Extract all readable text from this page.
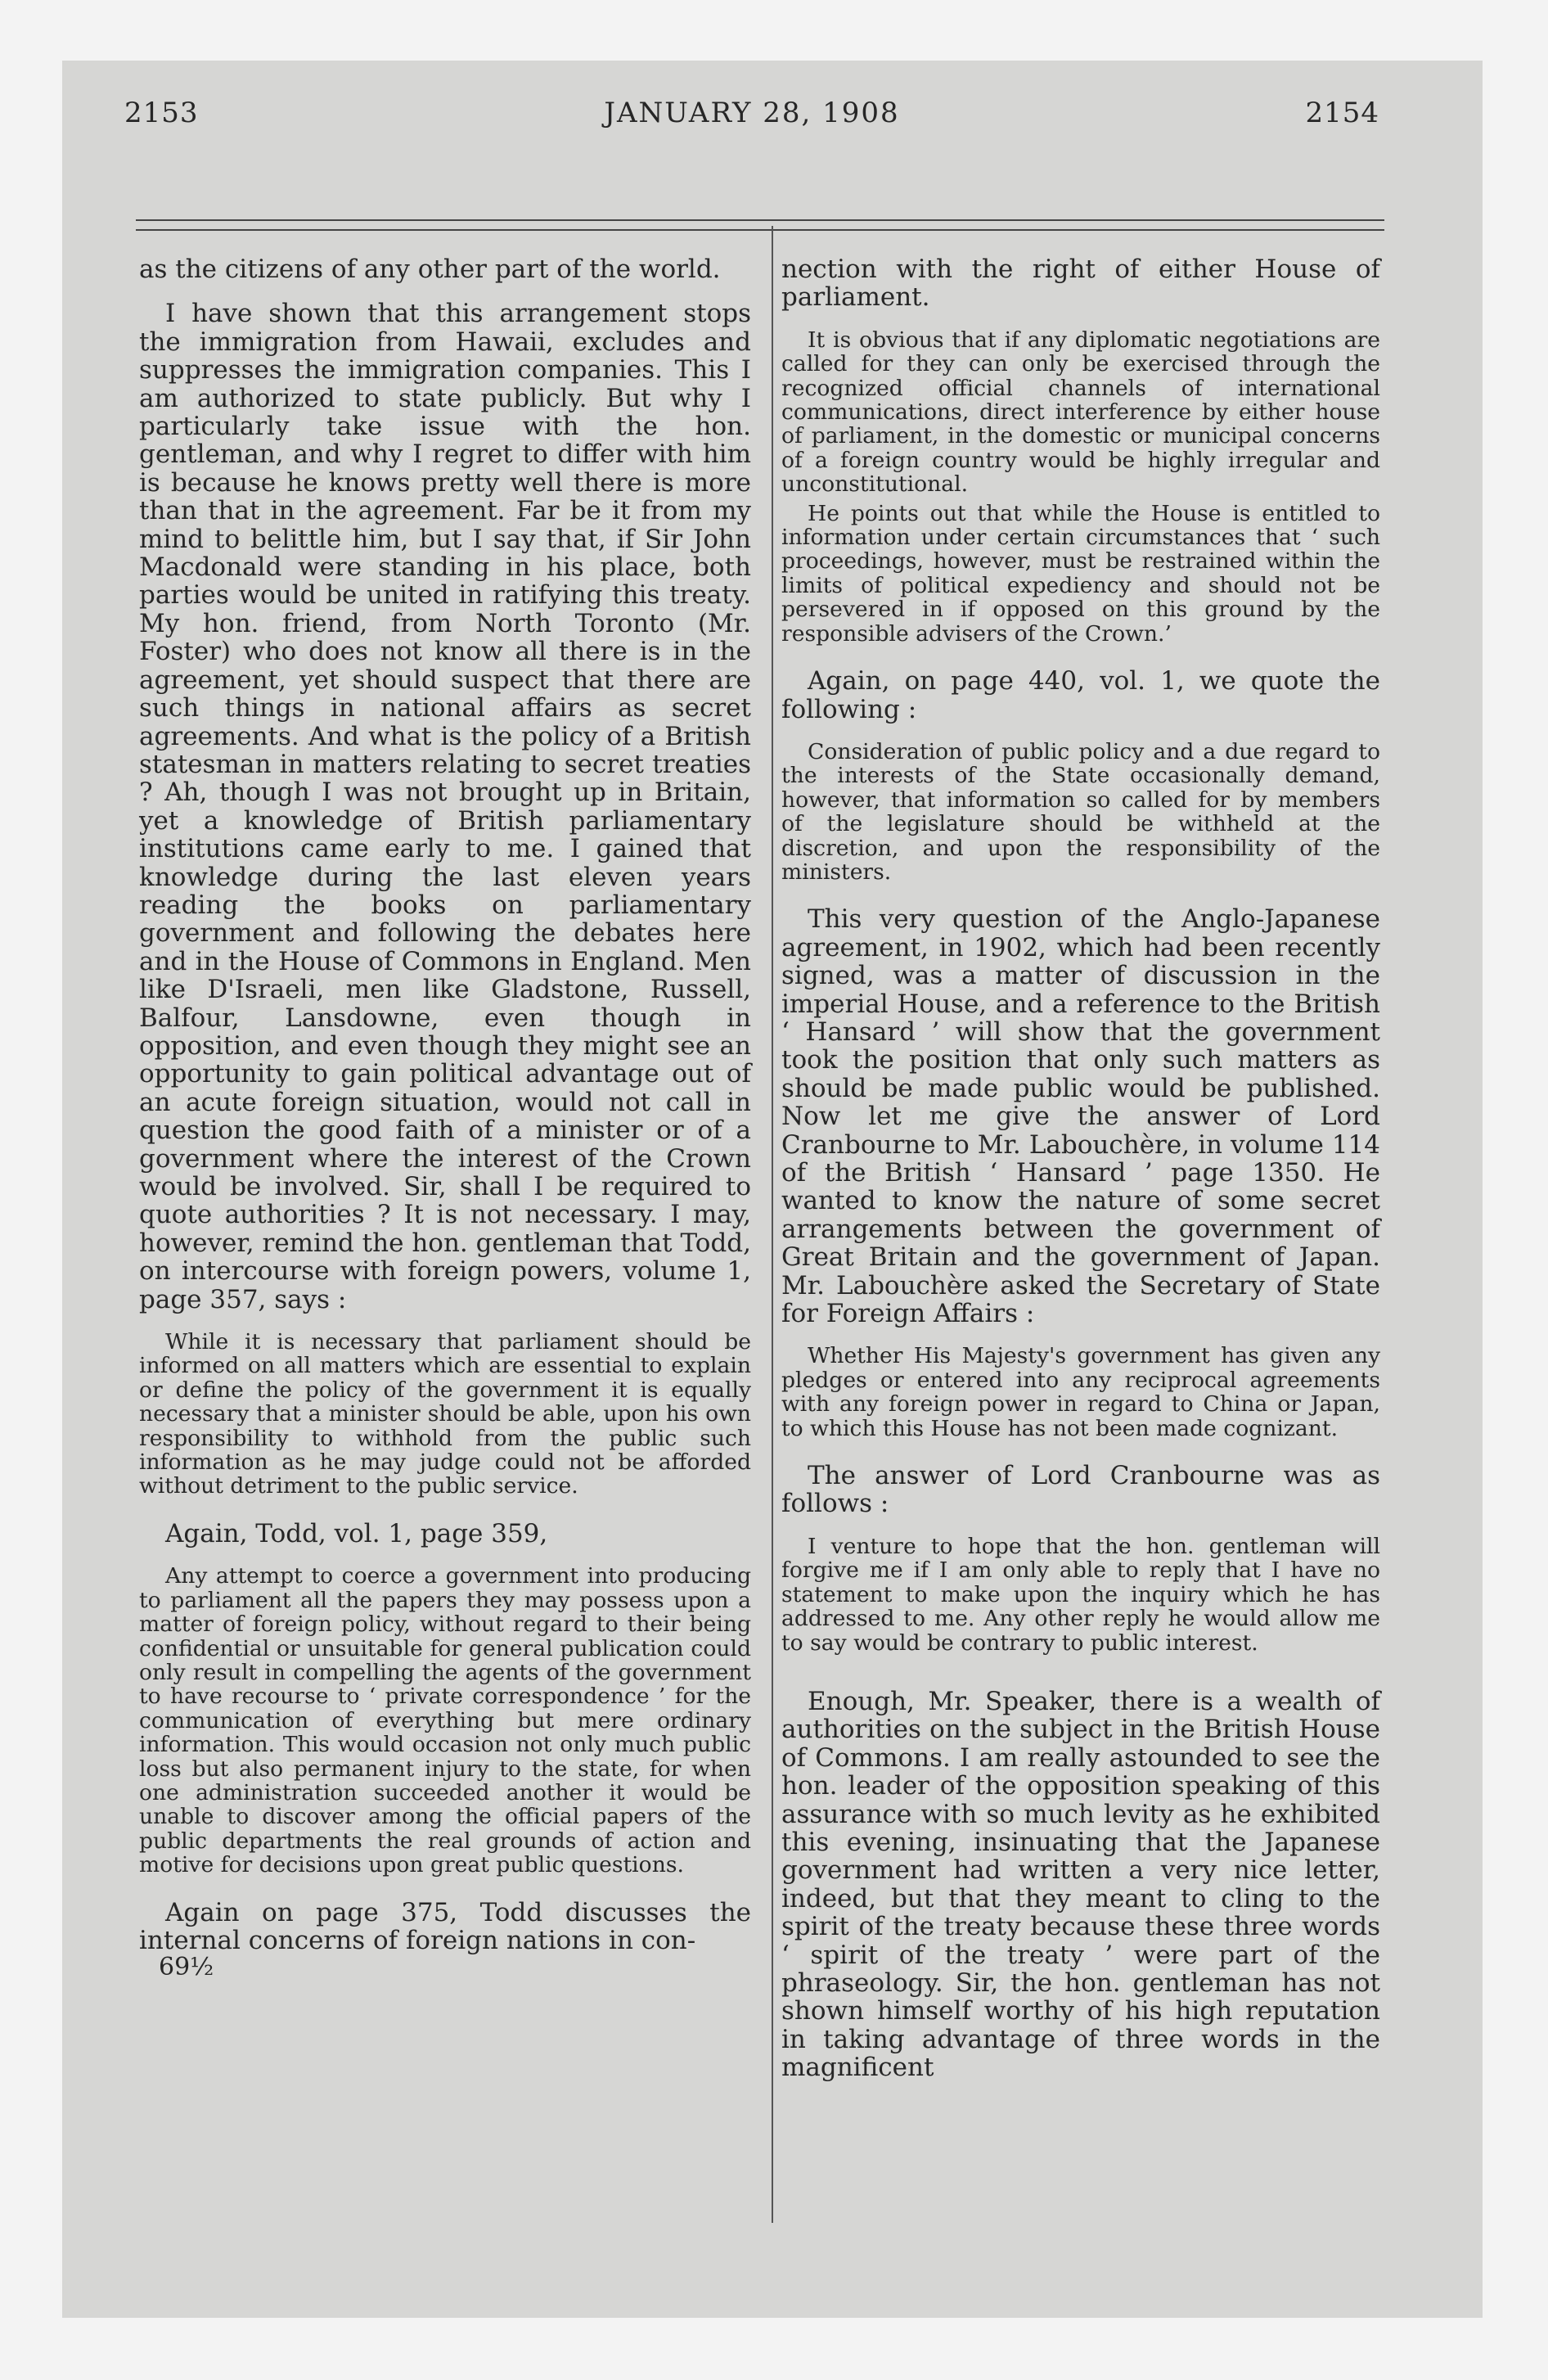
2153	JANUARY 28, 1908	2154

as the citizens of any other part of the world.

I have shown that this arrangement stops the immigration from Hawaii, excludes and suppresses the immigration companies. This I am authorized to state publicly. But why I particularly take issue with the hon. gentleman, and why I regret to differ with him is because he knows pretty well there is more than that in the agreement. Far be it from my mind to belittle him, but I say that, if Sir John Macdonald were standing in his place, both parties would be united in ratifying this treaty. My hon. friend, from North Toronto (Mr. Foster) who does not know all there is in the agreement, yet should suspect that there are such things in national affairs as secret agreements. And what is the policy of a British statesman in matters relating to secret treaties ? Ah, though I was not brought up in Britain, yet a knowledge of British parliamentary institutions came early to me. I gained that knowledge during the last eleven years reading the books on parliamentary government and following the debates here and in the House of Commons in England. Men like D'Israeli, men like Gladstone, Russell, Balfour, Lansdowne, even though in opposition, and even though they might see an opportunity to gain political advantage out of an acute foreign situation, would not call in question the good faith of a minister or of a government where the interest of the Crown would be involved. Sir, shall I be required to quote authorities ? It is not necessary. I may, however, remind the hon. gentleman that Todd, on intercourse with foreign powers, volume 1, page 357, says :

While it is necessary that parliament should be informed on all matters which are essential to explain or define the policy of the government it is equally necessary that a minister should be able, upon his own responsibility to withhold from the public such information as he may judge could not be afforded without detriment to the public service.

Again, Todd, vol. 1, page 359,

Any attempt to coerce a government into producing to parliament all the papers they may possess upon a matter of foreign policy, without regard to their being confidential or unsuitable for general publication could only result in compelling the agents of the government to have recourse to ‘ private correspondence ’ for the communication of everything but mere ordinary information. This would occasion not only much public loss but also permanent injury to the state, for when one administration succeeded another it would be unable to discover among the official papers of the public departments the real grounds of action and motive for decisions upon great public questions.

Again on page 375, Todd discusses the internal concerns of foreign nations in con-

69½

nection with the right of either House of parliament.

It is obvious that if any diplomatic negotiations are called for they can only be exercised through the recognized official channels of international communications, direct interference by either house of parliament, in the domestic or municipal concerns of a foreign country would be highly irregular and unconstitutional.

He points out that while the House is entitled to information under certain circumstances that ‘ such proceedings, however, must be restrained within the limits of political expediency and should not be persevered in if opposed on this ground by the responsible advisers of the Crown.’

Again, on page 440, vol. 1, we quote the following :

Consideration of public policy and a due regard to the interests of the State occasionally demand, however, that information so called for by members of the legislature should be withheld at the discretion, and upon the responsibility of the ministers.

This very question of the Anglo-Japanese agreement, in 1902, which had been recently signed, was a matter of discussion in the imperial House, and a reference to the British ‘ Hansard ’ will show that the government took the position that only such matters as should be made public would be published. Now let me give the answer of Lord Cranbourne to Mr. Labouchère, in volume 114 of the British ‘ Hansard ’ page 1350. He wanted to know the nature of some secret arrangements between the government of Great Britain and the government of Japan. Mr. Labouchère asked the Secretary of State for Foreign Affairs :

Whether His Majesty's government has given any pledges or entered into any reciprocal agreements with any foreign power in regard to China or Japan, to which this House has not been made cognizant.

The answer of Lord Cranbourne was as follows :

I venture to hope that the hon. gentleman will forgive me if I am only able to reply that I have no statement to make upon the inquiry which he has addressed to me. Any other reply he would allow me to say would be contrary to public interest.

Enough, Mr. Speaker, there is a wealth of authorities on the subject in the British House of Commons. I am really astounded to see the hon. leader of the opposition speaking of this assurance with so much levity as he exhibited this evening, insinuating that the Japanese government had written a very nice letter, indeed, but that they meant to cling to the spirit of the treaty because these three words ‘ spirit of the treaty ’ were part of the phraseology. Sir, the hon. gentleman has not shown himself worthy of his high reputation in taking advantage of three words in the magnificent
